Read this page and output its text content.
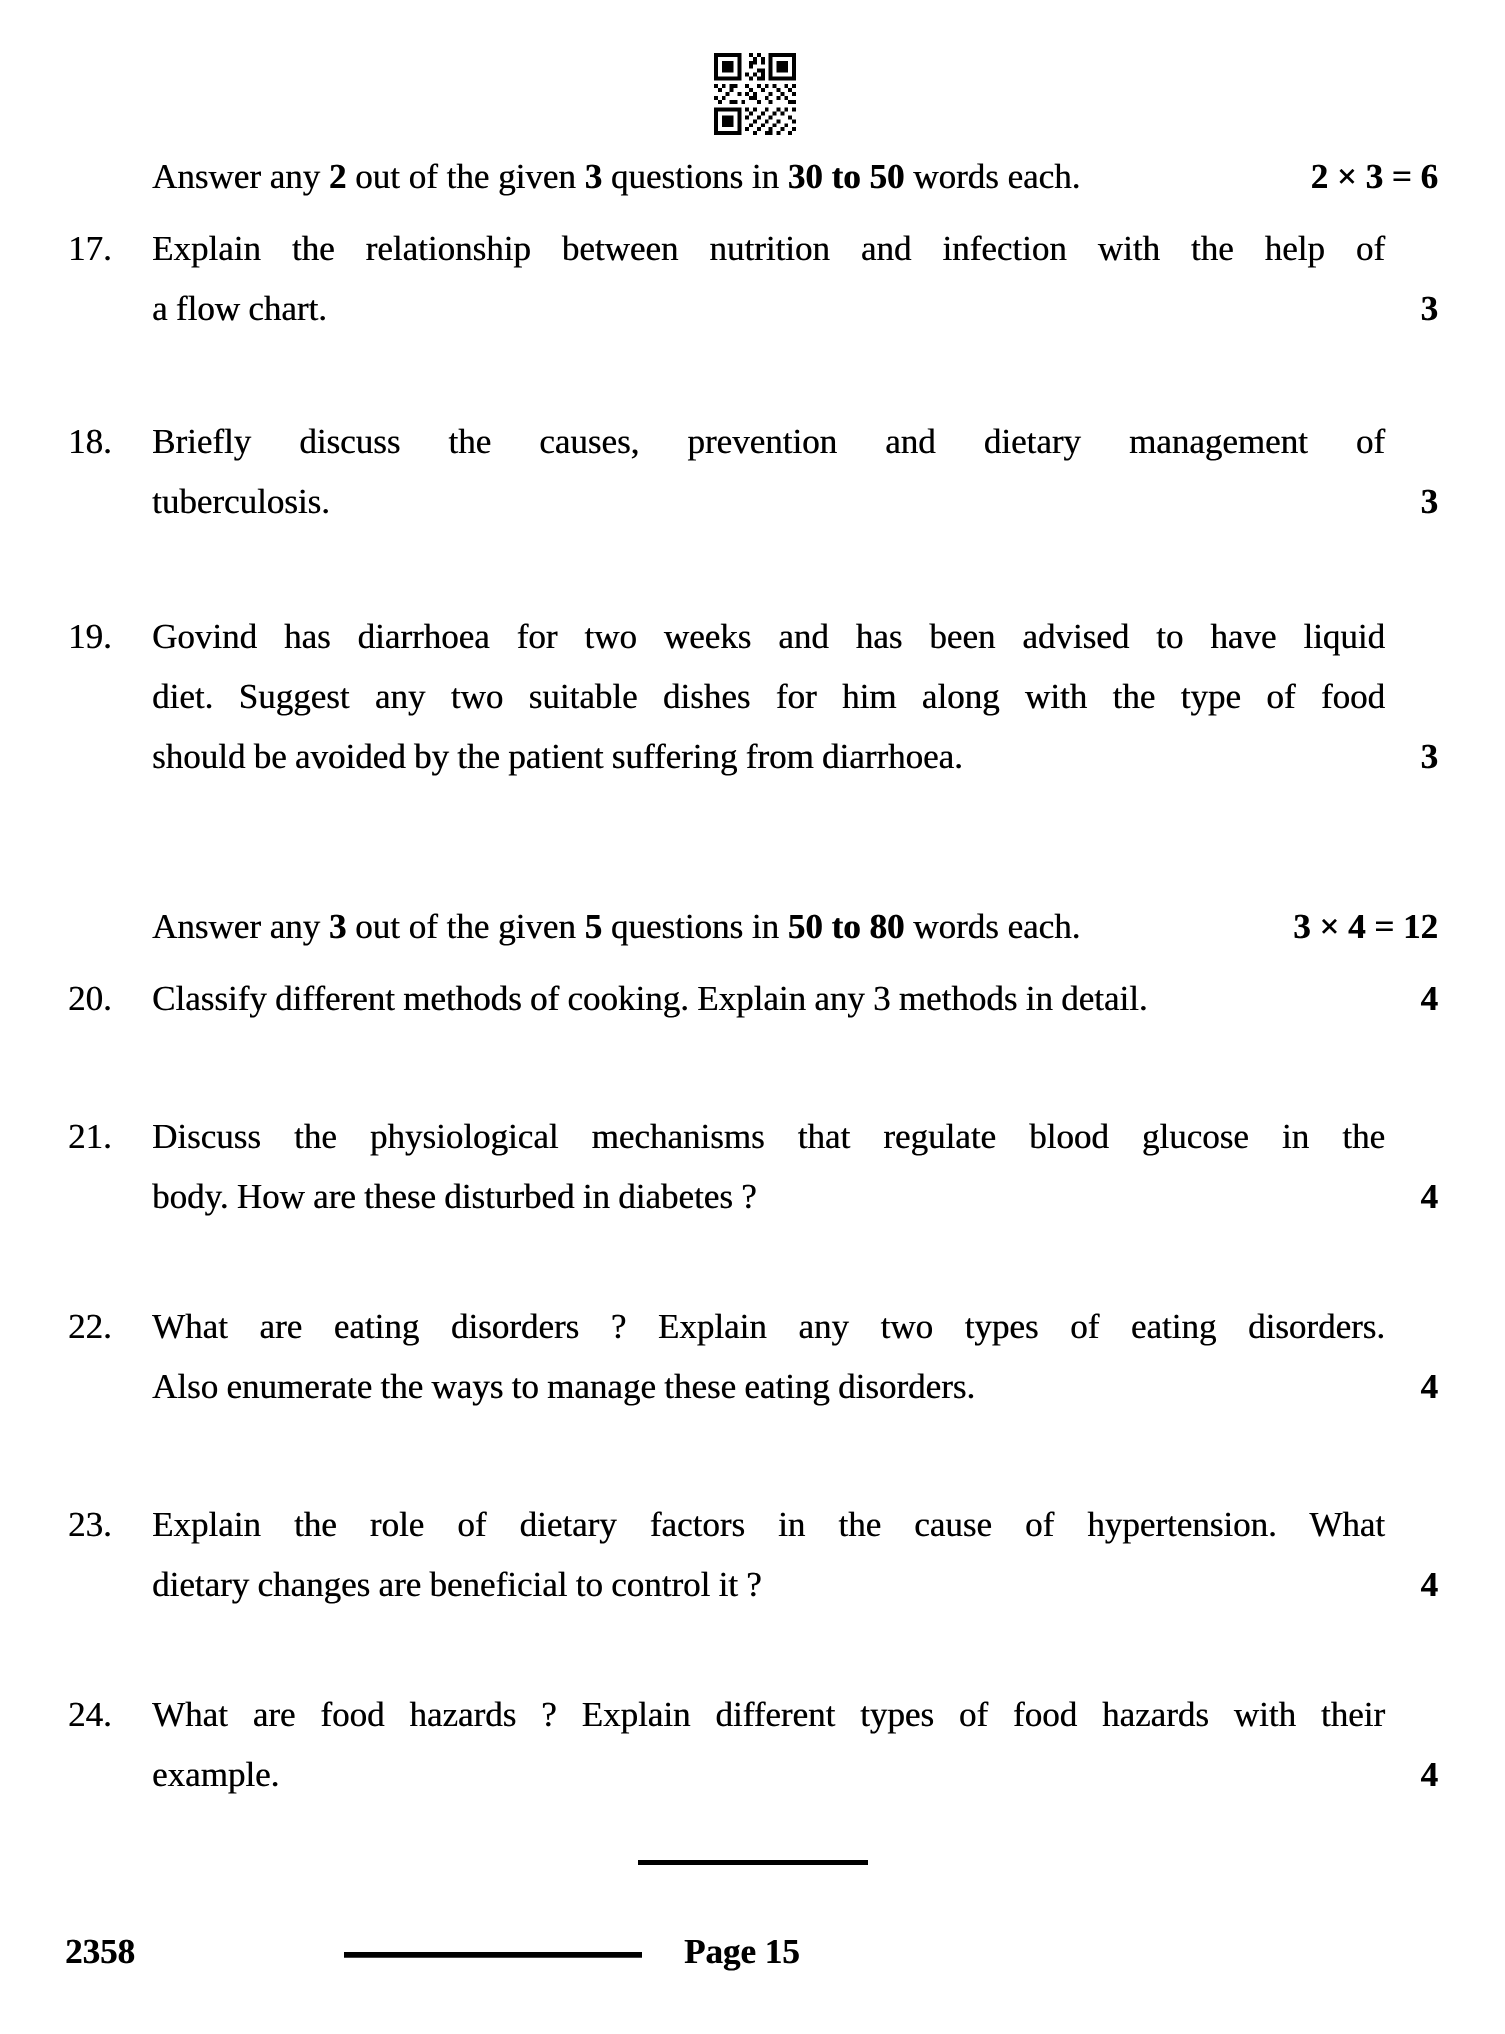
Answer any 2 out of the given 3 questions in 30 to 50 words each.	2 × 3 = 6
17.	Explain the relationship between nutrition and infection with the help of
a flow chart.	3
18.	Briefly discuss the causes, prevention and dietary management of
tuberculosis.	3
19.	Govind has diarrhoea for two weeks and has been advised to have liquid
diet. Suggest any two suitable dishes for him along with the type of food
should be avoided by the patient suffering from diarrhoea.	3
Answer any 3 out of the given 5 questions in 50 to 80 words each.	3 × 4 = 12
20.	Classify different methods of cooking. Explain any 3 methods in detail.	4
21.	Discuss the physiological mechanisms that regulate blood glucose in the
body. How are these disturbed in diabetes ?	4
22.	What are eating disorders ? Explain any two types of eating disorders.
Also enumerate the ways to manage these eating disorders.	4
23.	Explain the role of dietary factors in the cause of hypertension. What
dietary changes are beneficial to control it ?	4
24.	What are food hazards ? Explain different types of food hazards with their
example.	4
2358	Page 15
